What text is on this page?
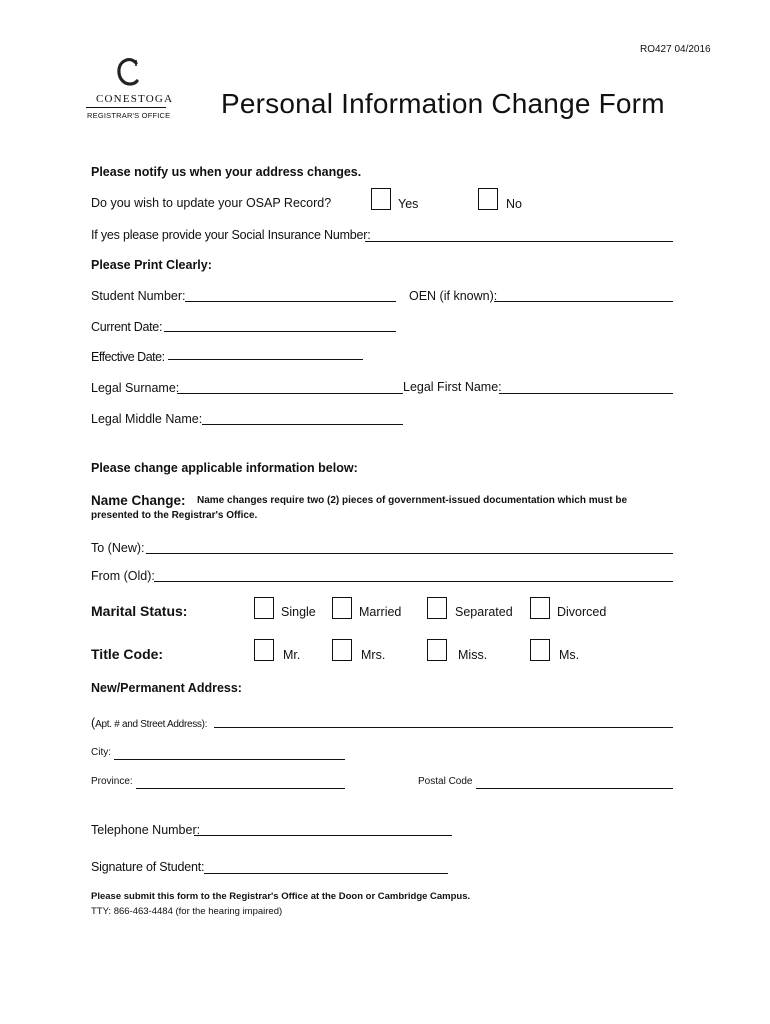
RO427 04/2016
CONESTOGA
REGISTRAR'S OFFICE Personal Information Change Form
Please notify us when your address changes.
Do you wish to update your OSAP Record?	Yes	No
If yes please provide your Social Insurance Number:
Please Print Clearly:
Student Number:	OEN (if known):
Current Date:
Effective Date:
Legal Surname:	Legal First Name:
Legal Middle Name:
Please change applicable information below:
Name Change: Name changes require two (2) pieces of government-issued documentation which must be
presented to the Registrar's Office.
To (New):
From (Old):
Marital Status:	Single	Married	Separated	Divorced
Title Code:	Mr.	Mrs.	Miss.	Ms.
New/Permanent Address:
(Apt. # and Street Address):
City:
Province:	Postal Code
Telephone Number:
Signature of Student:
Please submit this form to the Registrar's Office at the Doon or Cambridge Campus.
TTY: 866-463-4484 (for the hearing impaired)
